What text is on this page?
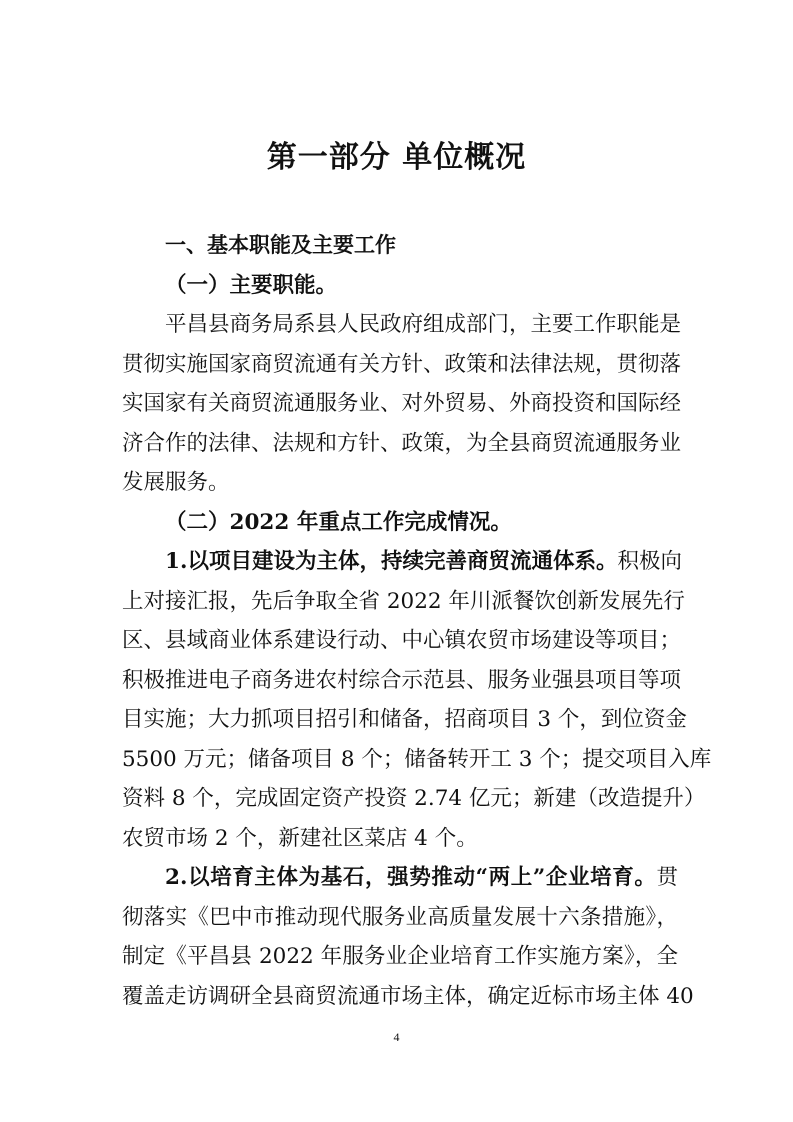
第一部分 单位概况
一、基本职能及主要工作
（一）主要职能。
平昌县商务局系县人民政府组成部门，主要工作职能是
贯彻实施国家商贸流通有关方针、政策和法律法规，贯彻落
实国家有关商贸流通服务业、对外贸易、外商投资和国际经
济合作的法律、法规和方针、政策，为全县商贸流通服务业
发展服务。
（二）2022 年重点工作完成情况。
1.以项目建设为主体，持续完善商贸流通体系。积极向
上对接汇报，先后争取全省 2022 年川派餐饮创新发展先行
区、县域商业体系建设行动、中心镇农贸市场建设等项目；
积极推进电子商务进农村综合示范县、服务业强县项目等项
目实施；大力抓项目招引和储备，招商项目 3 个，到位资金
5500 万元；储备项目 8 个；储备转开工 3 个；提交项目入库
资料 8 个，完成固定资产投资 2.74 亿元；新建（改造提升）
农贸市场 2 个，新建社区菜店 4 个。
2.以培育主体为基石，强势推动“两上”企业培育。贯
彻落实《巴中市推动现代服务业高质量发展十六条措施》，
制定《平昌县 2022 年服务业企业培育工作实施方案》，全
覆盖走访调研全县商贸流通市场主体，确定近标市场主体 40
4
